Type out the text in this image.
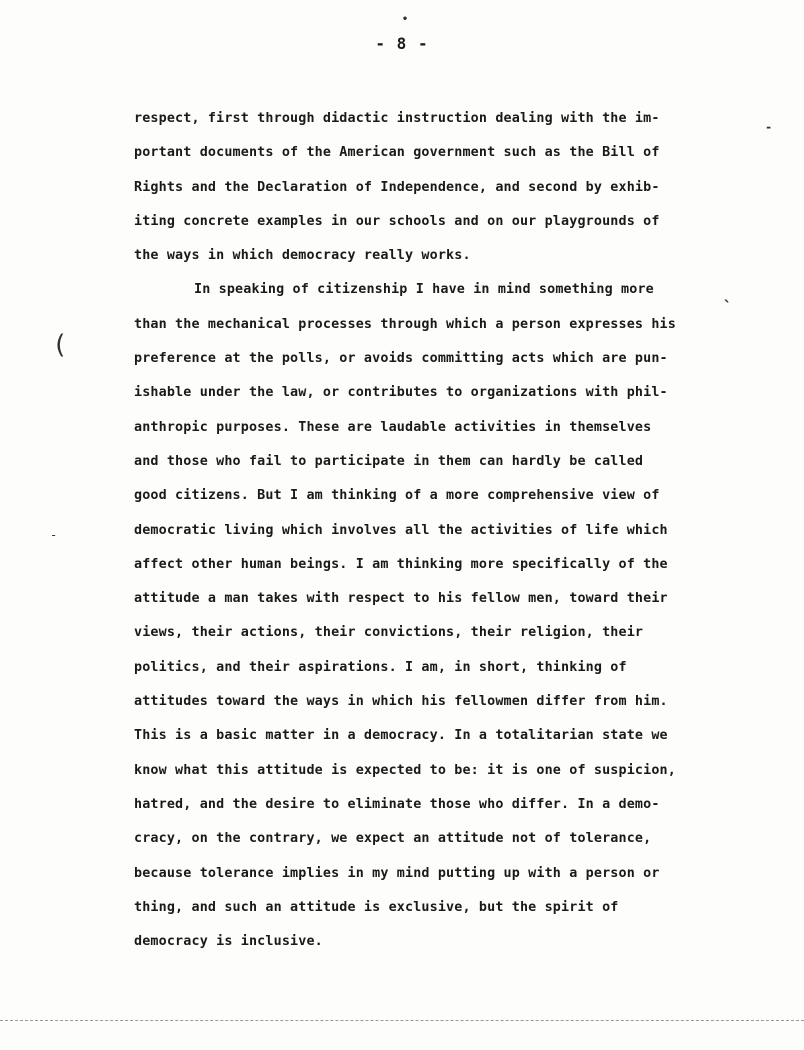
•
- 8 -
‐
ˎ
(
‐
respect, first through didactic instruction dealing with the im-
portant documents of the American government such as the Bill of
Rights and the Declaration of Independence, and second by exhib-
iting concrete examples in our schools and on our playgrounds of
the ways in which democracy really works.
In speaking of citizenship I have in mind something more
than the mechanical processes through which a person expresses his
preference at the polls, or avoids committing acts which are pun-
ishable under the law, or contributes to organizations with phil-
anthropic purposes. These are laudable activities in themselves
and those who fail to participate in them can hardly be called
good citizens. But I am thinking of a more comprehensive view of
democratic living which involves all the activities of life which
affect other human beings. I am thinking more specifically of the
attitude a man takes with respect to his fellow men, toward their
views, their actions, their convictions, their religion, their
politics, and their aspirations. I am, in short, thinking of
attitudes toward the ways in which his fellowmen differ from him.
This is a basic matter in a democracy. In a totalitarian state we
know what this attitude is expected to be: it is one of suspicion,
hatred, and the desire to eliminate those who differ. In a demo-
cracy, on the contrary, we expect an attitude not of tolerance,
because tolerance implies in my mind putting up with a person or
thing, and such an attitude is exclusive, but the spirit of
democracy is inclusive.
